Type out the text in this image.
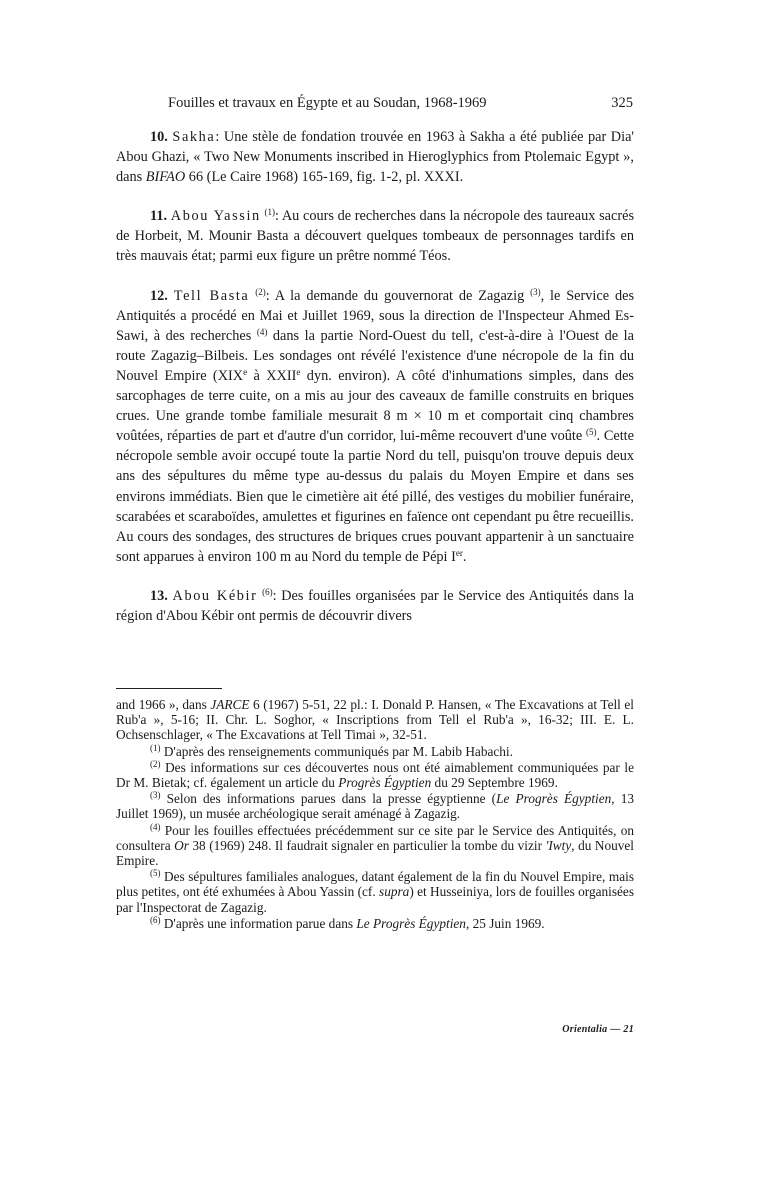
Fouilles et travaux en Égypte et au Soudan, 1968-1969	325

10. Sakha: Une stèle de fondation trouvée en 1963 à Sakha a été publiée par Dia' Abou Ghazi, « Two New Monuments inscribed in Hieroglyphics from Ptolemaic Egypt », dans BIFAO 66 (Le Caire 1968) 165-169, fig. 1-2, pl. XXXI.

11. Abou Yassin $^{(1)}$: Au cours de recherches dans la nécropole des taureaux sacrés de Horbeit, M. Mounir Basta a découvert quelques tombeaux de personnages tardifs en très mauvais état; parmi eux figure un prêtre nommé Téos.

12. Tell Basta $^{(2)}$: A la demande du gouvernorat de Zagazig $^{(3)}$, le Service des Antiquités a procédé en Mai et Juillet 1969, sous la direction de l'Inspecteur Ahmed Es-Sawi, à des recherches $^{(4)}$ dans la partie Nord-Ouest du tell, c'est-à-dire à l'Ouest de la route Zagazig–Bilbeis. Les sondages ont révélé l'existence d'une nécropole de la fin du Nouvel Empire (XIXe à XXIIe dyn. environ). A côté d'inhumations simples, dans des sarcophages de terre cuite, on a mis au jour des caveaux de famille construits en briques crues. Une grande tombe familiale mesurait 8 m × 10 m et comportait cinq chambres voûtées, réparties de part et d'autre d'un corridor, lui-même recouvert d'une voûte $^{(5)}$. Cette nécropole semble avoir occupé toute la partie Nord du tell, puisqu'on trouve depuis deux ans des sépultures du même type au-dessus du palais du Moyen Empire et dans ses environs immédiats. Bien que le cimetière ait été pillé, des vestiges du mobilier funéraire, scarabées et scaraboïdes, amulettes et figurines en faïence ont cependant pu être recueillis. Au cours des sondages, des structures de briques crues pouvant appartenir à un sanctuaire sont apparues à environ 100 m au Nord du temple de Pépi Ier.

13. Abou Kébir $^{(6)}$: Des fouilles organisées par le Service des Antiquités dans la région d'Abou Kébir ont permis de découvrir divers

and 1966 », dans JARCE 6 (1967) 5-51, 22 pl.: I. Donald P. Hansen, « The Excavations at Tell el Rub'a », 5-16; II. Chr. L. Soghor, « Inscriptions from Tell el Rub'a », 16-32; III. E. L. Ochsenschlager, « The Excavations at Tell Timai », 32-51.

$^{(1)}$ D'après des renseignements communiqués par M. Labib Habachi.

$^{(2)}$ Des informations sur ces découvertes nous ont été aimablement communiquées par le Dr M. Bietak; cf. également un article du Progrès Égyptien du 29 Septembre 1969.

$^{(3)}$ Selon des informations parues dans la presse égyptienne (Le Progrès Égyptien, 13 Juillet 1969), un musée archéologique serait aménagé à Zagazig.

$^{(4)}$ Pour les fouilles effectuées précédemment sur ce site par le Service des Antiquités, on consultera Or 38 (1969) 248. Il faudrait signaler en particulier la tombe du vizir 'Iwty, du Nouvel Empire.

$^{(5)}$ Des sépultures familiales analogues, datant également de la fin du Nouvel Empire, mais plus petites, ont été exhumées à Abou Yassin (cf. supra) et Husseiniya, lors de fouilles organisées par l'Inspectorat de Zagazig.

$^{(6)}$ D'après une information parue dans Le Progrès Égyptien, 25 Juin 1969.

Orientalia — 21
